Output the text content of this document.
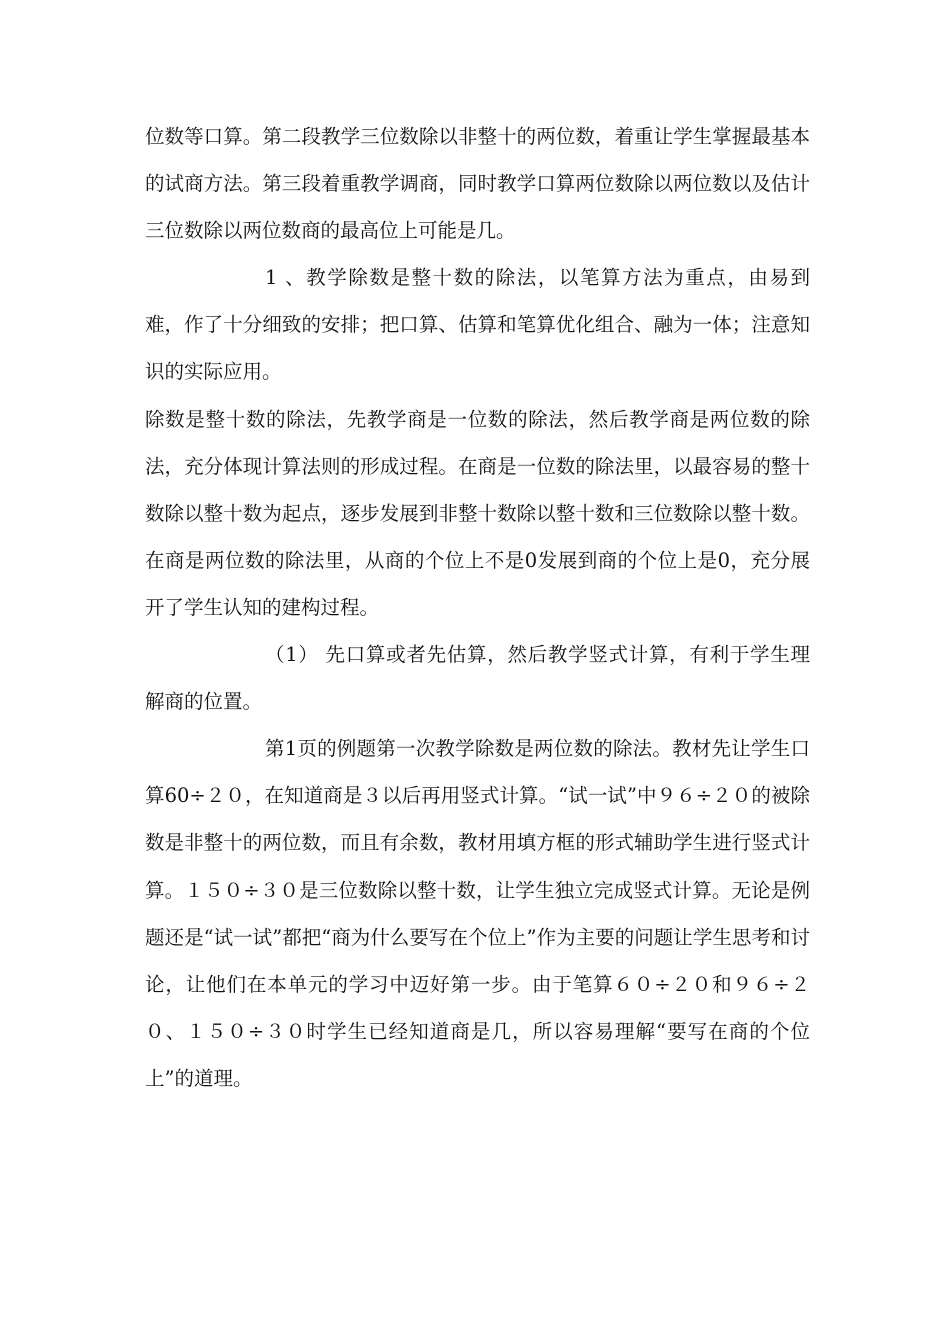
位数等口算。第二段教学三位数除以非整十的两位数，着重让学生掌握最基本的试商方法。第三段着重教学调商，同时教学口算两位数除以两位数以及估计三位数除以两位数商的最高位上可能是几。

1 、教学除数是整十数的除法，以笔算方法为重点，由易到难，作了十分细致的安排；把口算、估算和笔算优化组合、融为一体；注意知识的实际应用。

除数是整十数的除法，先教学商是一位数的除法，然后教学商是两位数的除法，充分体现计算法则的形成过程。在商是一位数的除法里，以最容易的整十数除以整十数为起点，逐步发展到非整十数除以整十数和三位数除以整十数。在商是两位数的除法里，从商的个位上不是0发展到商的个位上是0，充分展开了学生认知的建构过程。

（1） 先口算或者先估算，然后教学竖式计算，有利于学生理解商的位置。

第1页的例题第一次教学除数是两位数的除法。教材先让学生口算60÷２０，在知道商是３以后再用竖式计算。“试一试”中９６÷２０的被除数是非整十的两位数，而且有余数，教材用填方框的形式辅助学生进行竖式计算。１５０÷３０是三位数除以整十数，让学生独立完成竖式计算。无论是例题还是“试一试”都把“商为什么要写在个位上”作为主要的问题让学生思考和讨论，让他们在本单元的学习中迈好第一步。由于笔算６０÷２０和９６÷２０、１５０÷３０时学生已经知道商是几，所以容易理解“要写在商的个位上”的道理。
